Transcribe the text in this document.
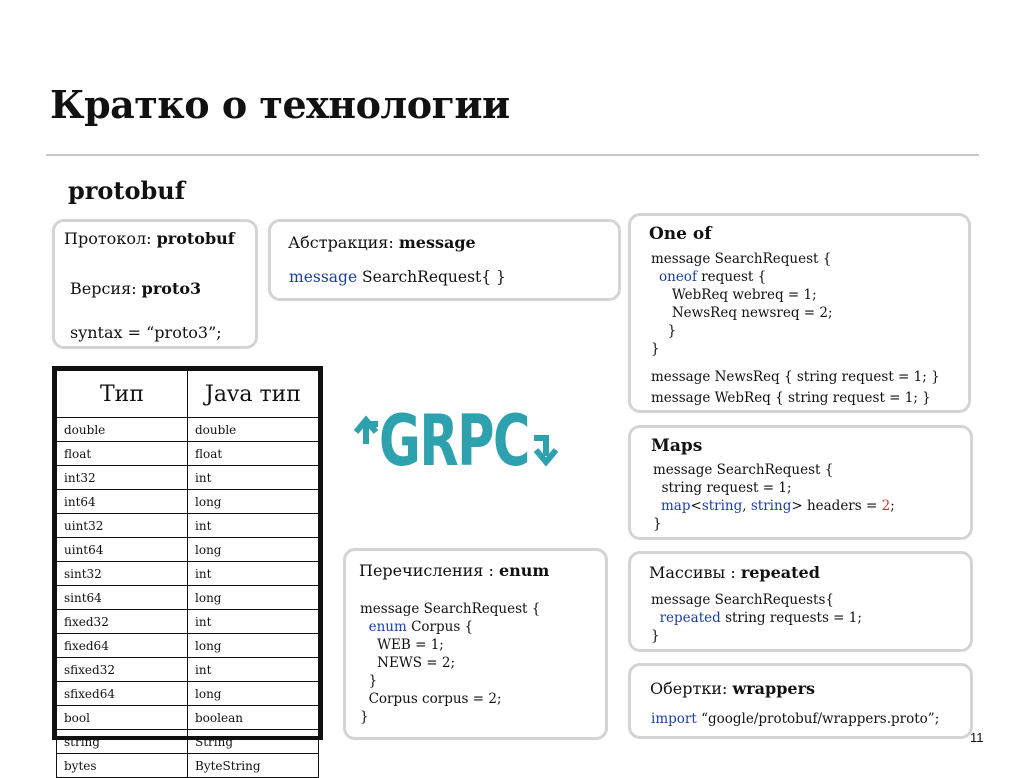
Кратко о технологии
protobuf
Протокол: protobuf
Версия: proto3
syntax = “proto3”;
Абстракция: message
message SearchRequest{ }
One of
message SearchRequest {
oneof request {
WebReq webreq = 1;
NewsReq newsreq = 2;
}
}
message NewsReq { string request = 1; }
message WebReq { string request = 1; }
Maps
message SearchRequest {
string request = 1;
map<string, string> headers = 2;
}
Тип	Java тип
double	double
float	float
int32	int
int64	long
uint32	int
uint64	long
sint32	int
sint64	long
fixed32	int
fixed64	long
sfixed32	int
sfixed64	long
bool	boolean
string	String
bytes	ByteString
GRPC
Перечисления : enum
message SearchRequest {
enum Corpus {
WEB = 1;
NEWS = 2;
}
Corpus corpus = 2;
}
Массивы : repeated
message SearchRequests{
repeated string requests = 1;
}
Обертки: wrappers
import “google/protobuf/wrappers.proto”;
11
